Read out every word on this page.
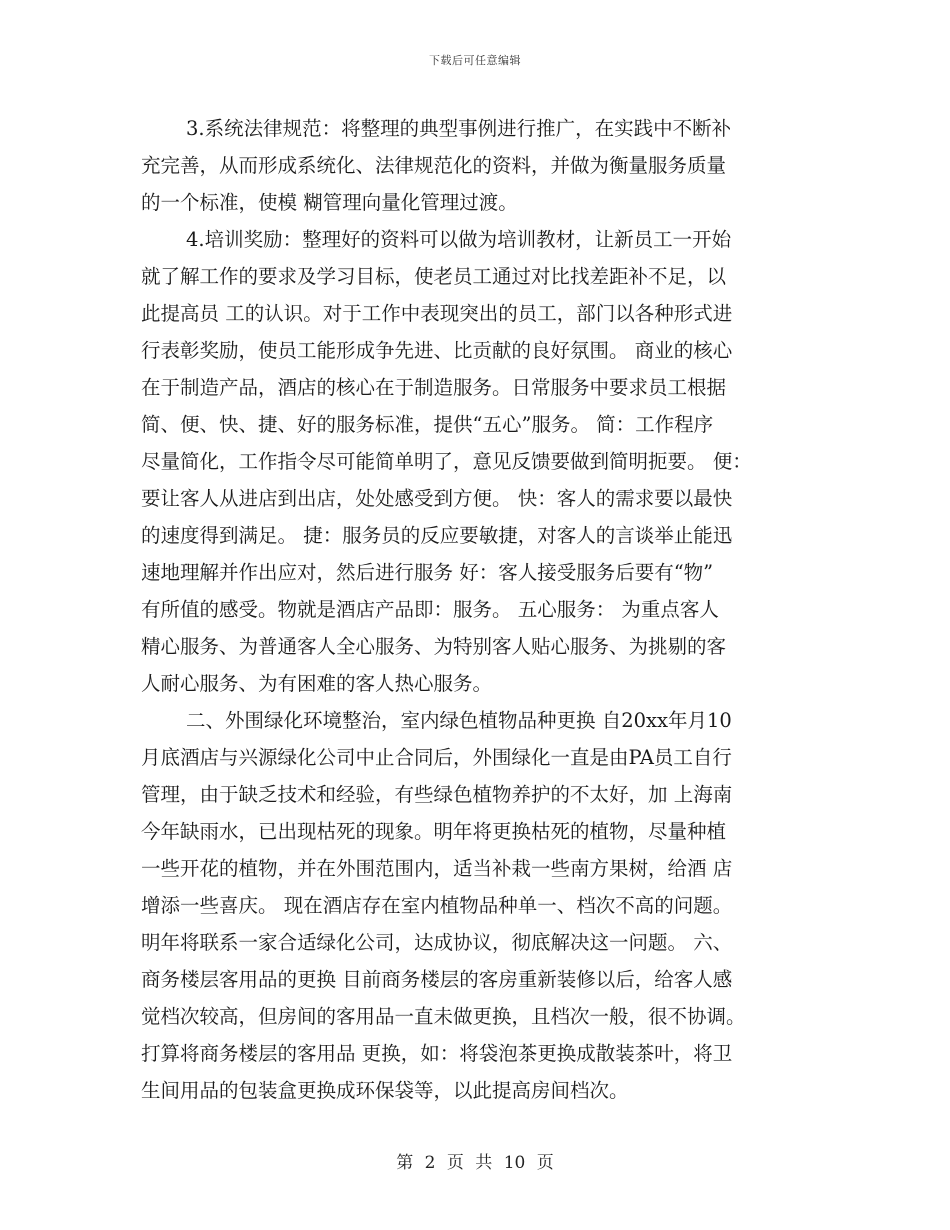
下载后可任意编辑
3.系统法律规范：将整理的典型事例进行推广，在实践中不断补
充完善，从而形成系统化、法律规范化的资料，并做为衡量服务质量
的一个标准，使模 糊管理向量化管理过渡。
4.培训奖励：整理好的资料可以做为培训教材，让新员工一开始
就了解工作的要求及学习目标，使老员工通过对比找差距补不足，以
此提高员 工的认识。对于工作中表现突出的员工，部门以各种形式进
行表彰奖励，使员工能形成争先进、比贡献的良好氛围。 商业的核心
在于制造产品，酒店的核心在于制造服务。日常服务中要求员工根据
简、便、快、捷、好的服务标准，提供“五心”服务。 简：工作程序
尽量简化，工作指令尽可能简单明了，意见反馈要做到简明扼要。 便：
要让客人从进店到出店，处处感受到方便。 快：客人的需求要以最快
的速度得到满足。 捷：服务员的反应要敏捷，对客人的言谈举止能迅
速地理解并作出应对，然后进行服务 好：客人接受服务后要有“物”
有所值的感受。物就是酒店产品即：服务。 五心服务： 为重点客人
精心服务、为普通客人全心服务、为特别客人贴心服务、为挑剔的客
人耐心服务、为有困难的客人热心服务。
二、外围绿化环境整治，室内绿色植物品种更换 自20xx年月10
月底酒店与兴源绿化公司中止合同后，外围绿化一直是由PA员工自行
管理，由于缺乏技术和经验，有些绿色植物养护的不太好，加 上海南
今年缺雨水，已出现枯死的现象。明年将更换枯死的植物，尽量种植
一些开花的植物，并在外围范围内，适当补栽一些南方果树，给酒 店
增添一些喜庆。 现在酒店存在室内植物品种单一、档次不高的问题。
明年将联系一家合适绿化公司，达成协议，彻底解决这一问题。 六、
商务楼层客用品的更换 目前商务楼层的客房重新装修以后，给客人感
觉档次较高，但房间的客用品一直未做更换，且档次一般，很不协调。
打算将商务楼层的客用品 更换，如：将袋泡茶更换成散装茶叶，将卫
生间用品的包装盒更换成环保袋等，以此提高房间档次。
第 2 页 共 10 页
